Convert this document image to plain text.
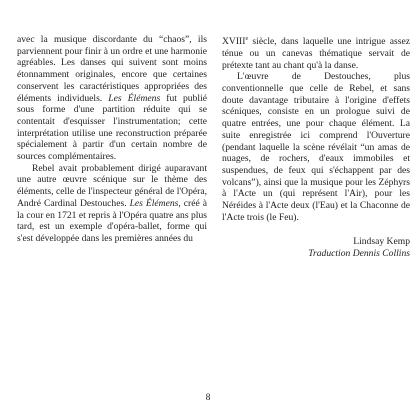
avec la musique discordante du “chaos”, ils parviennent pour finir à un ordre et une harmonie agréables. Les danses qui suivent sont moins étonnamment originales, encore que certaines conservent les caractéristiques appropriées des éléments individuels. Les Élémens fut publié sous forme d'une partition réduite qui se contentait d'esquisser l'instrumentation; cette interprétation utilise une reconstruction préparée spécialement à partir d'un certain nombre de sources complémentaires.

Rebel avait probablement dirigé auparavant une autre œuvre scénique sur le thème des éléments, celle de l'inspecteur général de l'Opéra, André Cardinal Destouches. Les Élémens, créé à la cour en 1721 et repris à l'Opéra quatre ans plus tard, est un exemple d'opéra-ballet, forme qui s'est développée dans les premières années du

XVIIIe siècle, dans laquelle une intrigue assez ténue ou un canevas thématique servait de prétexte tant au chant qu'à la danse.

L'œuvre de Destouches, plus conventionnelle que celle de Rebel, et sans doute davantage tributaire à l'origine d'effets scéniques, consiste en un prologue suivi de quatre entrées, une pour chaque élément. La suite enregistrée ici comprend l'Ouverture (pendant laquelle la scène révélait “un amas de nuages, de rochers, d'eaux immobiles et suspendues, de feux qui s'échappent par des volcans”), ainsi que la musique pour les Zéphyrs à l'Acte un (qui représent l'Air), pour les Néréides à l'Acte deux (l'Eau) et la Chaconne de l'Acte trois (le Feu).

Lindsay Kemp
Traduction Dennis Collins

8
